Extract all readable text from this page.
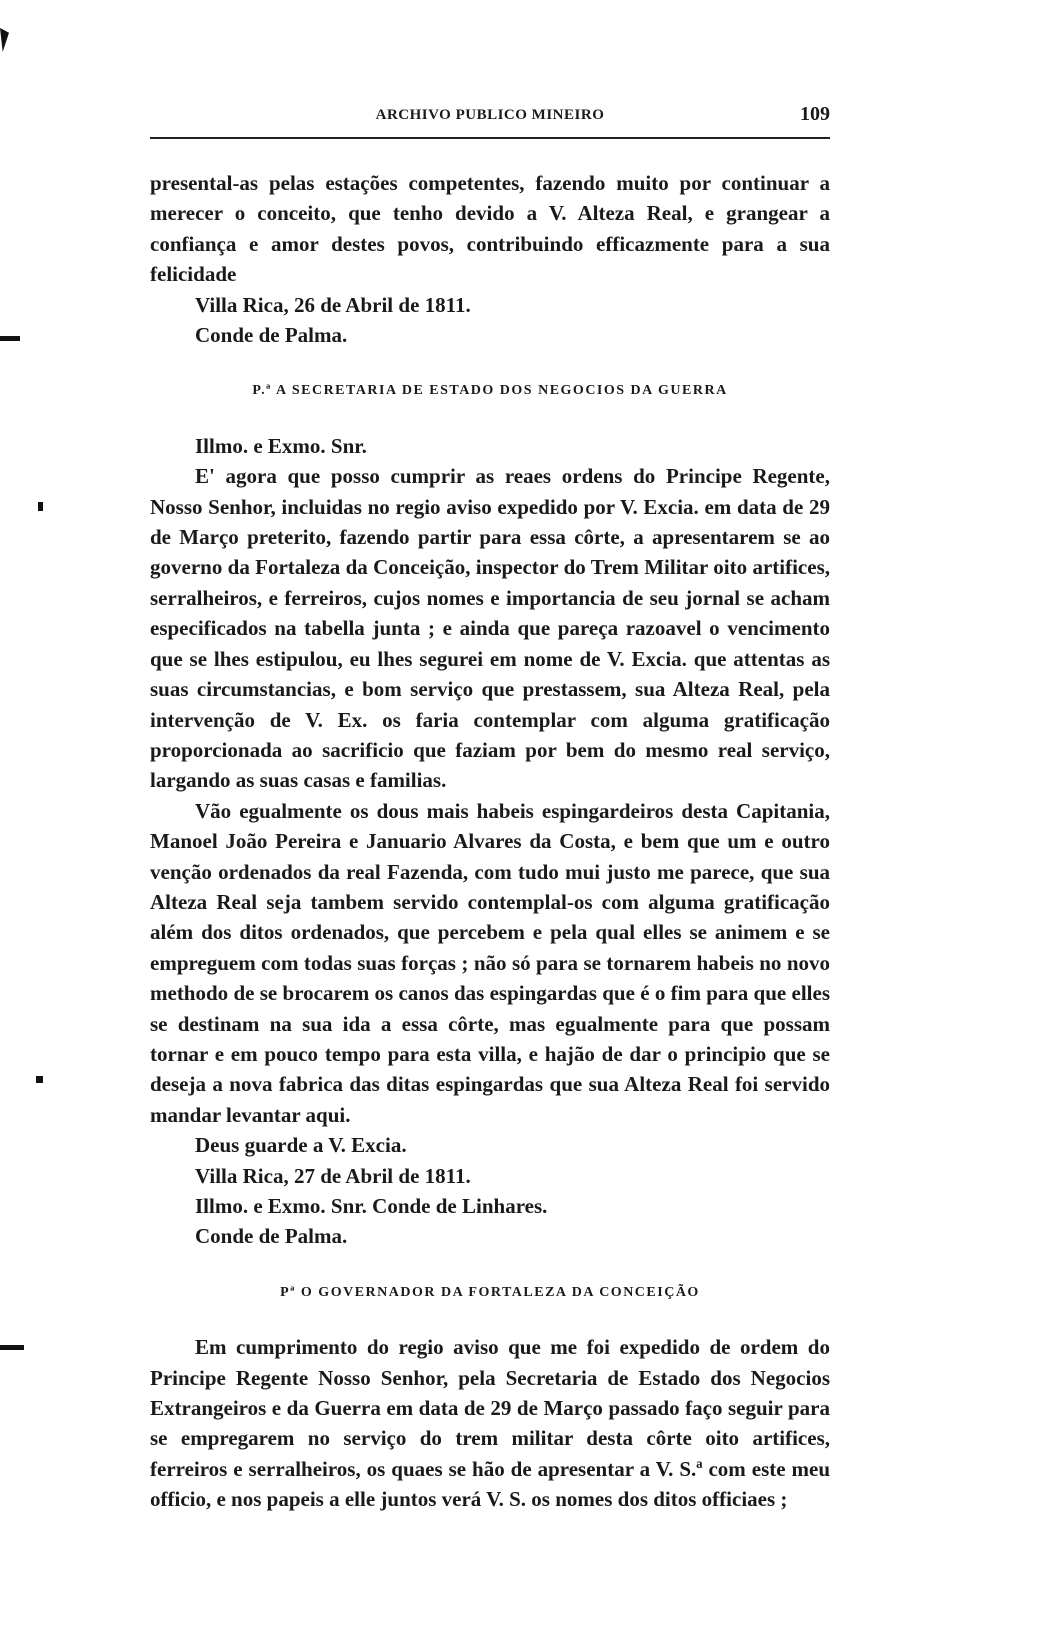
ARCHIVO PUBLICO MINEIRO	109

presental-as pelas estações competentes, fazendo muito por continuar a merecer o conceito, que tenho devido a V. Alteza Real, e grangear a confiança e amor destes povos, contribuindo efficazmente para a sua felicidade

Villa Rica, 26 de Abril de 1811.

Conde de Palma.

P.ª A SECRETARIA DE ESTADO DOS NEGOCIOS DA GUERRA

Illmo. e Exmo. Snr.

E' agora que posso cumprir as reaes ordens do Principe Regente, Nosso Senhor, incluidas no regio aviso expedido por V. Excia. em data de 29 de Março preterito, fazendo partir para essa côrte, a apresentarem se ao governo da Fortaleza da Conceição, inspector do Trem Militar oito artifices, serralheiros, e ferreiros, cujos nomes e importancia de seu jornal se acham especificados na tabella junta ; e ainda que pareça razoavel o vencimento que se lhes estipulou, eu lhes segurei em nome de V. Excia. que attentas as suas circumstancias, e bom serviço que prestassem, sua Alteza Real, pela intervenção de V. Ex. os faria contemplar com alguma gratificação proporcionada ao sacrificio que faziam por bem do mesmo real serviço, largando as suas casas e familias.

Vão egualmente os dous mais habeis espingardeiros desta Capitania, Manoel João Pereira e Januario Alvares da Costa, e bem que um e outro venção ordenados da real Fazenda, com tudo mui justo me parece, que sua Alteza Real seja tambem servido contemplal-os com alguma gratificação além dos ditos ordenados, que percebem e pela qual elles se animem e se empreguem com todas suas forças ; não só para se tornarem habeis no novo methodo de se brocarem os canos das espingardas que é o fim para que elles se destinam na sua ida a essa côrte, mas egualmente para que possam tornar e em pouco tempo para esta villa, e hajão de dar o principio que se deseja a nova fabrica das ditas espingardas que sua Alteza Real foi servido mandar levantar aqui.

Deus guarde a V. Excia.

Villa Rica, 27 de Abril de 1811.

Illmo. e Exmo. Snr. Conde de Linhares.

Conde de Palma.

Pª O GOVERNADOR DA FORTALEZA DA CONCEIÇÃO

Em cumprimento do regio aviso que me foi expedido de ordem do Principe Regente Nosso Senhor, pela Secretaria de Estado dos Negocios Extrangeiros e da Guerra em data de 29 de Março passado faço seguir para se empregarem no serviço do trem militar desta côrte oito artifices, ferreiros e serralheiros, os quaes se hão de apresentar a V. S.ª com este meu officio, e nos papeis a elle juntos verá V. S. os nomes dos ditos officiaes ;
